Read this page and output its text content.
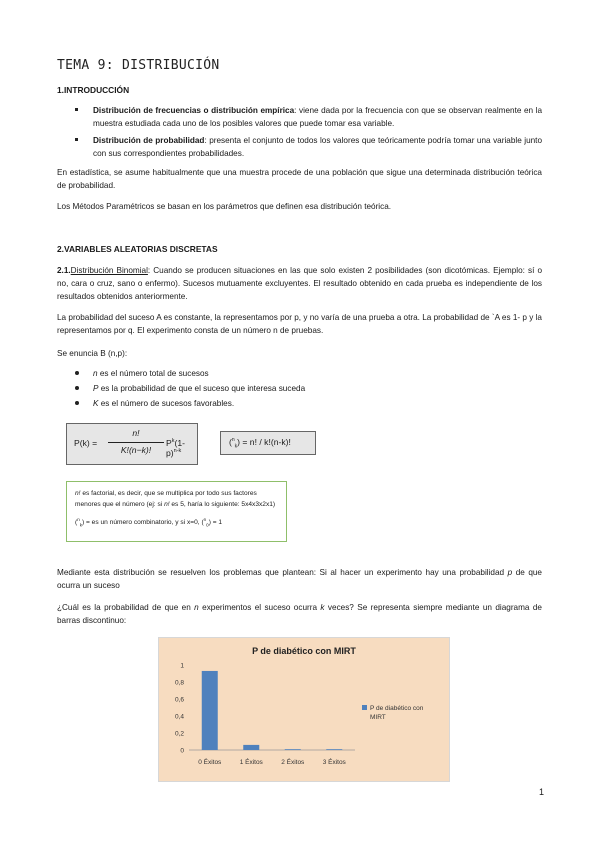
TEMA 9: DISTRIBUCIÓN
1.INTRODUCCIÓN
Distribución de frecuencias o distribución empírica: viene dada por la frecuencia con que se observan realmente en la muestra estudiada cada uno de los posibles valores que puede tomar esa variable.
Distribución de probabilidad: presenta el conjunto de todos los valores que teóricamente podría tomar una variable junto con sus correspondientes probabilidades.

En estadística, se asume habitualmente que una muestra procede de una población que sigue una determinada distribución teórica de probabilidad.

Los Métodos Paramétricos se basan en los parámetros que definen esa distribución teórica.

2.VARIABLES ALEATORIAS DISCRETAS

2.1.Distribución Binomial: Cuando se producen situaciones en las que solo existen 2 posibilidades (son dicotómicas. Ejemplo: sí o no, cara o cruz, sano o enfermo). Sucesos mutuamente excluyentes. El resultado obtenido en cada prueba es independiente de los resultados obtenidos anteriormente.

La probabilidad del suceso A es constante, la representamos por p, y no varía de una prueba a otra. La probabilidad de `A es 1- p y la representamos por q. El experimento consta de un número n de pruebas.

Se enuncia B (n,p):

n es el número total de sucesos
P es la probabilidad de que el suceso que interesa suceda
K es el número de sucesos favorables.
P(k) =
n!
K!(n−k)!
$P^k(1-p)^{n-k}$
($^n_k$) = n! / k!(n-k)!
n! es factorial, es decir, que se multiplica por todo sus factores menores que el número (ej: si n! es 5, haría lo siguiente: 5x4x3x2x1)
($^n_k$) = es un número combinatorio, y si x=0, ($^n_0$) = 1

Mediante esta distribución se resuelven los problemas que plantean: Si al hacer un experimento hay una probabilidad p de que ocurra un suceso

¿Cuál es la probabilidad de que en n experimentos el suceso ocurra k veces? Se representa siempre mediante un diagrama de barras discontinuo:

P de diabético con MIRT
0
0,2
0,4
0,6
0,8
1
0 Éxitos	1 Éxitos	2 Éxitos	3 Éxitos
P de diabético con MIRT
1
